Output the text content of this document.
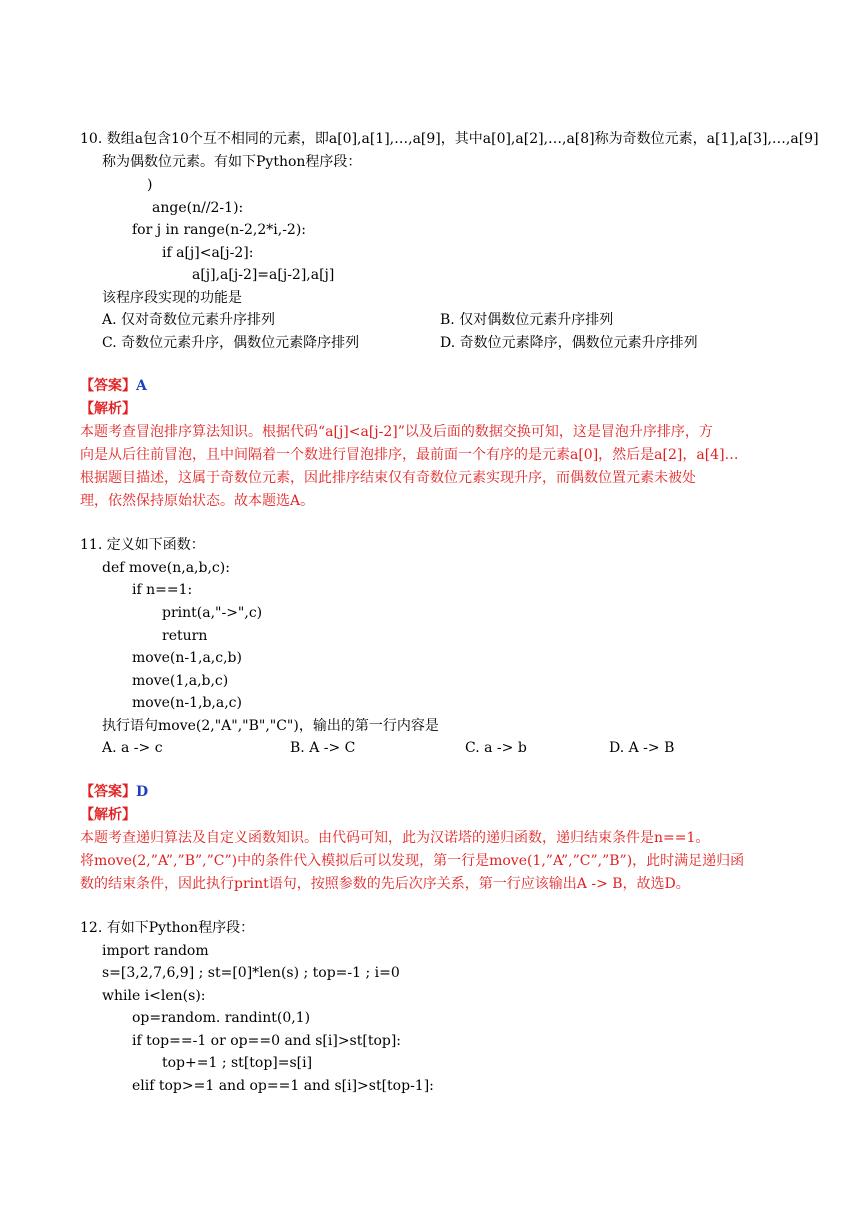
10. 数组a包含10个互不相同的元素，即a[0],a[1],…,a[9]，其中a[0],a[2],…,a[8]称为奇数位元素，a[1],a[3],…,a[9]
称为偶数位元素。有如下Python程序段：
)
ange(n//2-1):
for j in range(n-2,2*i,-2):
if a[j]<a[j-2]:
a[j],a[j-2]=a[j-2],a[j]
该程序段实现的功能是
A. 仅对奇数位元素升序排列	B. 仅对偶数位元素升序排列
C. 奇数位元素升序，偶数位元素降序排列	D. 奇数位元素降序，偶数位元素升序排列
【答案】A
【解析】
本题考查冒泡排序算法知识。根据代码“a[j]<a[j-2]”以及后面的数据交换可知，这是冒泡升序排序，方
向是从后往前冒泡，且中间隔着一个数进行冒泡排序，最前面一个有序的是元素a[0]，然后是a[2]，a[4]…
根据题目描述，这属于奇数位元素，因此排序结束仅有奇数位元素实现升序，而偶数位置元素未被处
理，依然保持原始状态。故本题选A。
11. 定义如下函数：
def move(n,a,b,c):
if n==1:
print(a,"->",c)
return
move(n-1,a,c,b)
move(1,a,b,c)
move(n-1,b,a,c)
执行语句move(2,"A","B","C")，输出的第一行内容是
A. a -> c	B. A -> C	C. a -> b	D. A -> B
【答案】D
【解析】
本题考查递归算法及自定义函数知识。由代码可知，此为汉诺塔的递归函数，递归结束条件是n==1。
将move(2,”A”,”B”,”C”)中的条件代入模拟后可以发现，第一行是move(1,”A”,”C”,”B”)，此时满足递归函
数的结束条件，因此执行print语句，按照参数的先后次序关系，第一行应该输出A -> B，故选D。
12. 有如下Python程序段：
import random
s=[3,2,7,6,9] ; st=[0]*len(s) ; top=-1 ; i=0
while i<len(s):
op=random. randint(0,1)
if top==-1 or op==0 and s[i]>st[top]:
top+=1 ; st[top]=s[i]
elif top>=1 and op==1 and s[i]>st[top-1]:
